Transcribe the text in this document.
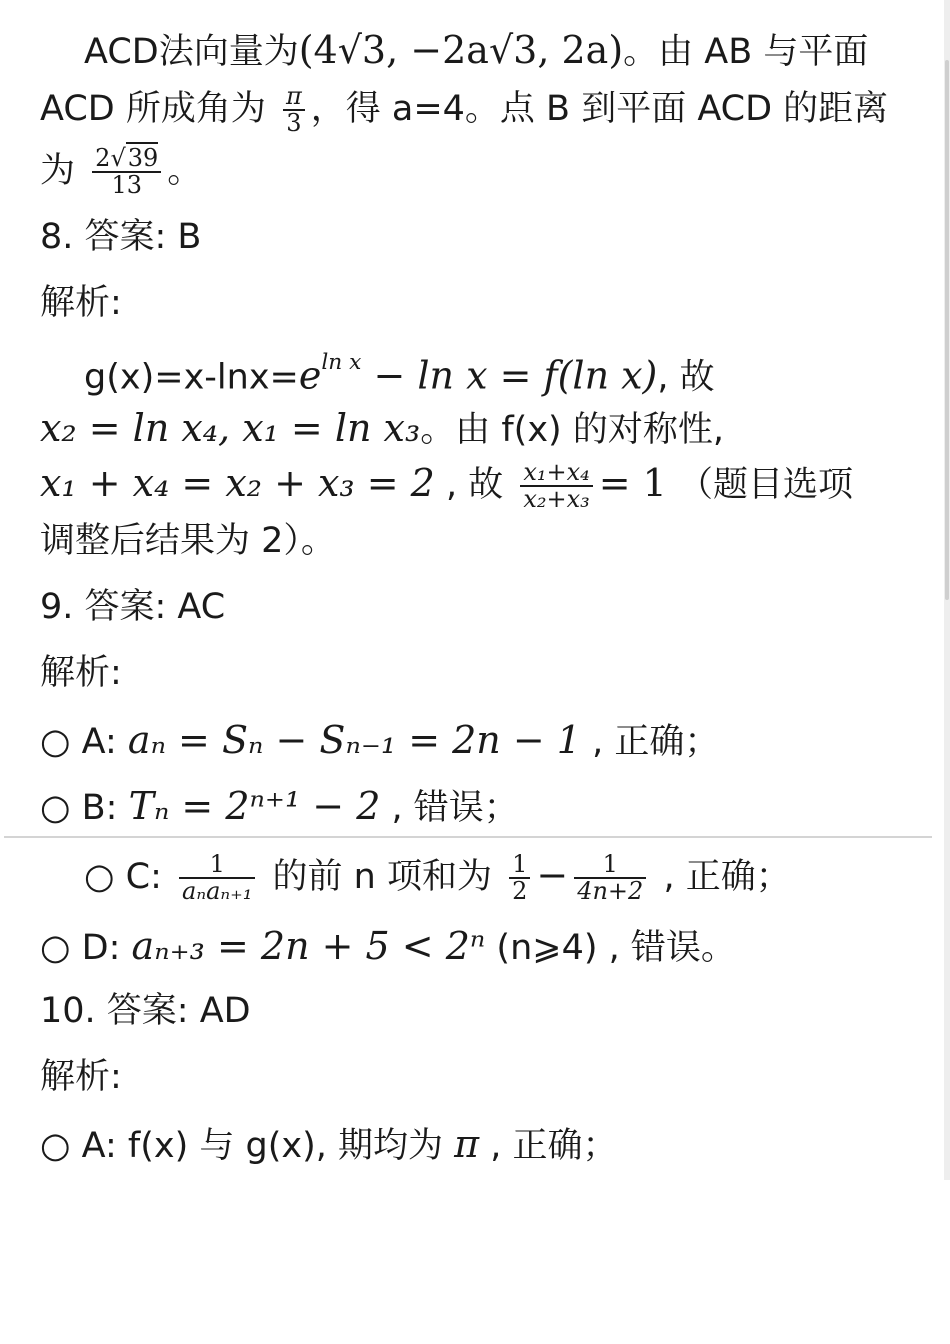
ACD法向量为(4√3, −2a√3, 2a)。由 AB 与平面
ACD 所成角为 $\frac{\pi}{3}$ ，得 a=4。点 B 到平面 ACD 的距离
为 $\frac{2√39}{13}$ 。
8. 答案: B
解析:
$g(x)=x-\ln x=e^{ln x} - \ln x = f(\ln$ x), 故
x₂ = ln x₄, x₁ = ln x₃。由 f(x) 的对称性,
x₁ + x₄ = x₂ + x₃ = 2 , 故 $\frac{\text{x₁+x₄}}{\text{x₂+x₃}} = 1$ （题目选项
调整后结果为 2）。
9. 答案: AC
解析:
○ A: aₙ = Sₙ − Sₙ₋₁ = 2n − 1 , 正确；
○ B: Tₙ = 2ⁿ⁺¹ − 2 , 错误；
○ C: $\frac{1}{\text{aₙaₙ₊₁}}$ 的前 n 项和为 $\frac{1}{2} - \frac{1}{4n+2}$ , 正确；
○ D: aₙ₊₃ = 2n + 5 < 2ⁿ (n⩾4) , 错误。
10. 答案: AD
解析:
○ A: f(x) 与 g(x), 期均为 π , 正确；
